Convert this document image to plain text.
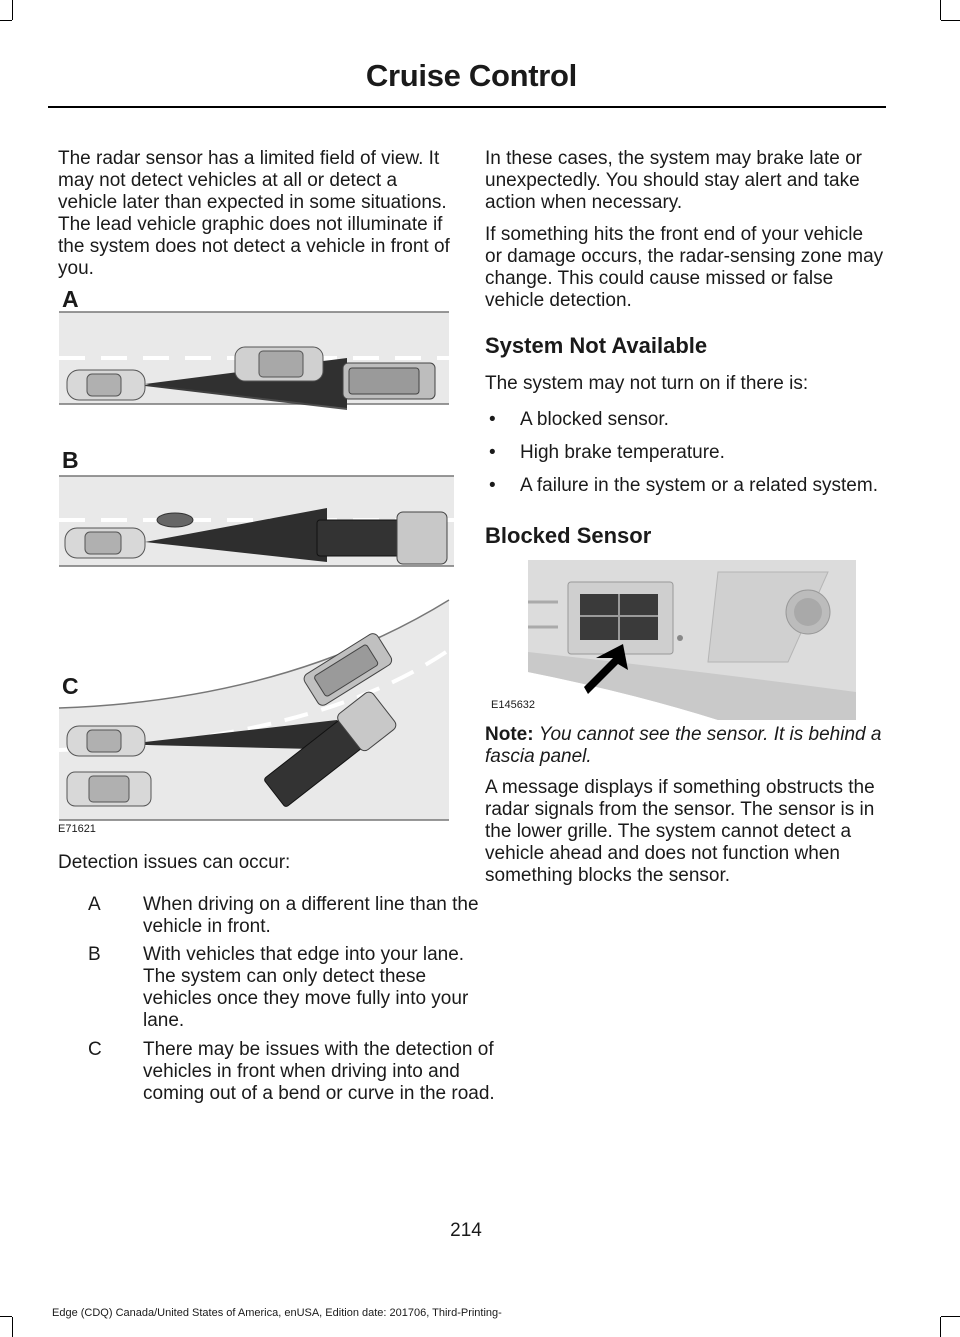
Cruise Control

The radar sensor has a limited field of view. It may not detect vehicles at all or detect a vehicle later than expected in some situations. The lead vehicle graphic does not illuminate if the system does not detect a vehicle in front of you.

A
B
C
E71621

Detection issues can occur:

A When driving on a different line than the vehicle in front.
B With vehicles that edge into your lane. The system can only detect these vehicles once they move fully into your lane.
C There may be issues with the detection of vehicles in front when driving into and coming out of a bend or curve in the road.

In these cases, the system may brake late or unexpectedly. You should stay alert and take action when necessary.

If something hits the front end of your vehicle or damage occurs, the radar-sensing zone may change. This could cause missed or false vehicle detection.

System Not Available

The system may not turn on if there is:

• A blocked sensor.
• High brake temperature.
• A failure in the system or a related system.
Blocked Sensor
E145632

Note: You cannot see the sensor. It is behind a fascia panel.

A message displays if something obstructs the radar signals from the sensor. The sensor is in the lower grille. The system cannot detect a vehicle ahead and does not function when something blocks the sensor.

214
Edge (CDQ) Canada/United States of America, enUSA, Edition date: 201706, Third-Printing-
